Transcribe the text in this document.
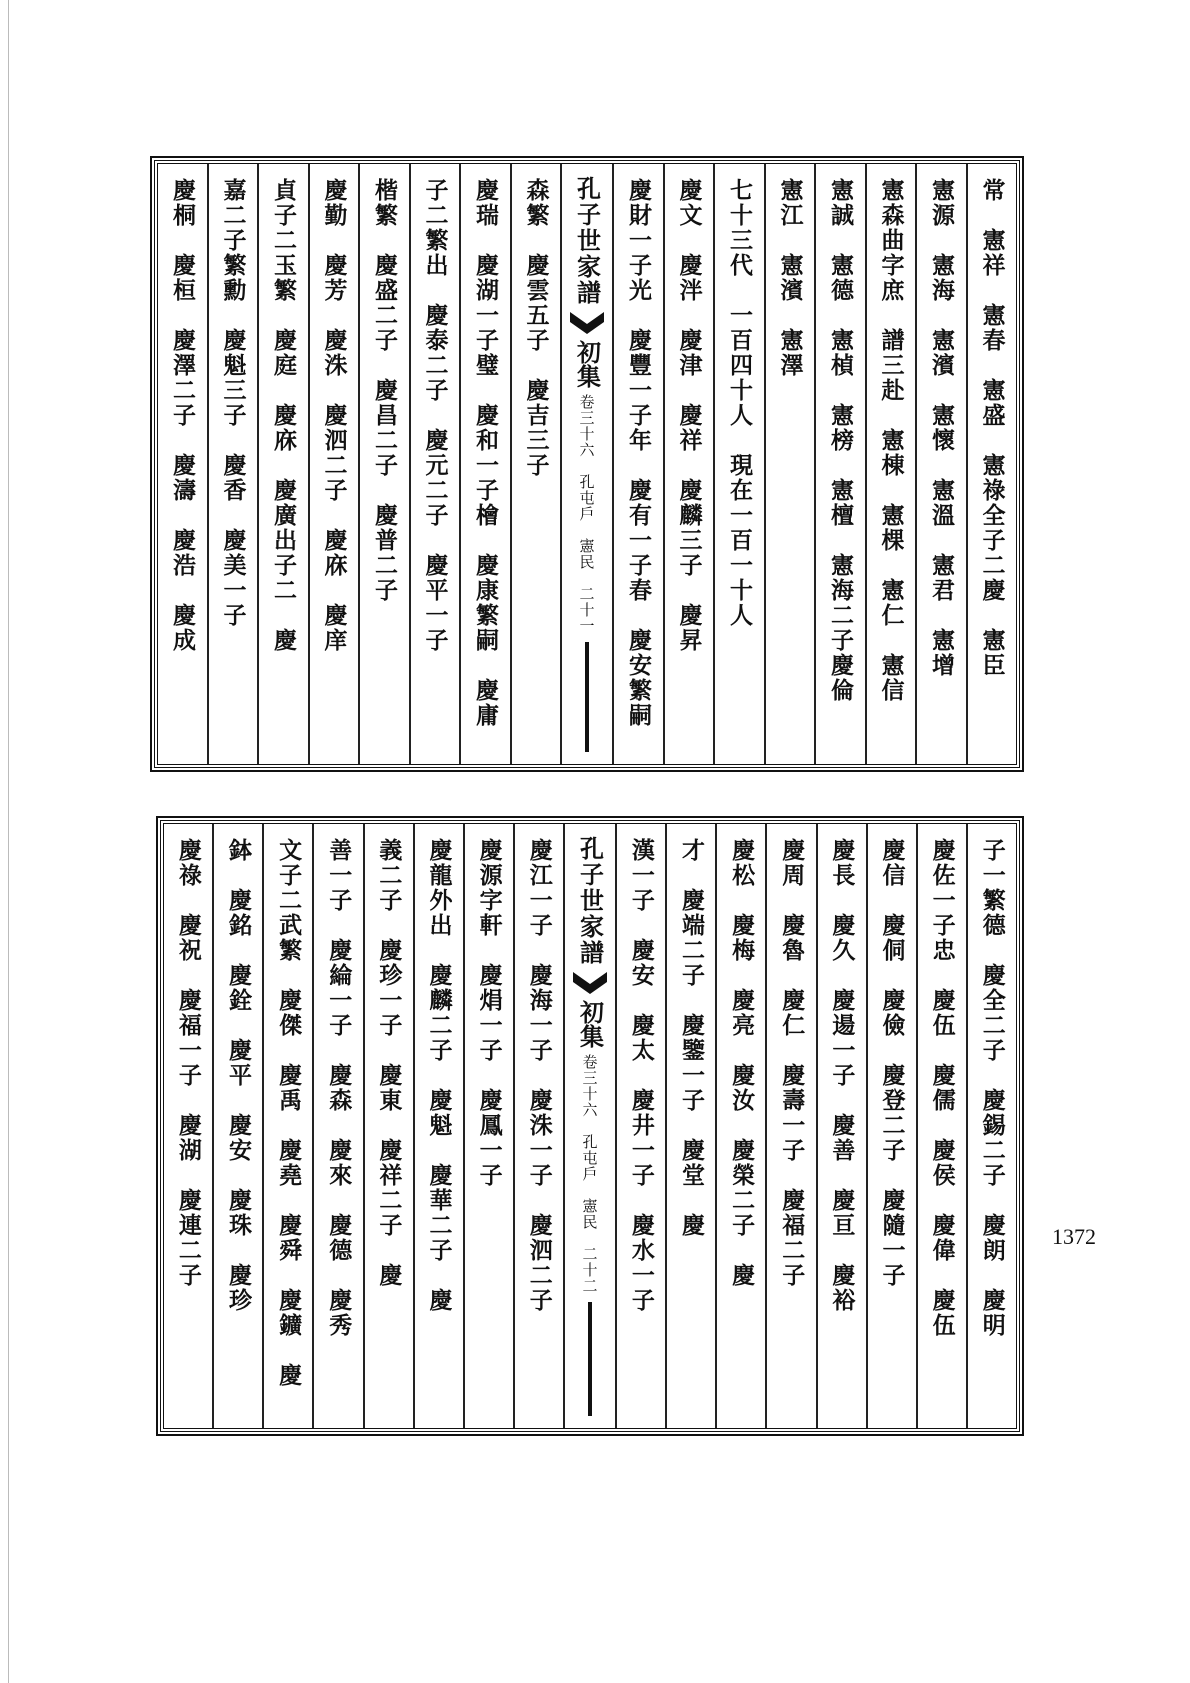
常　憲祥　憲春　憲盛　憲祿全子二慶　憲臣
憲源　憲海　憲濱　憲懷　憲溫　憲君　憲增
憲森曲字庶　譜三赴　憲棟　憲棵　憲仁　憲信
憲誠　憲德　憲楨　憲榜　憲檀　憲海二子慶倫
憲江　憲濱　憲澤
七十三代　一百四十人　現在一百一十人
慶文　慶泮　慶津　慶祥　慶麟三子　慶昇
慶財一子光　慶豐一子年　慶有一子春　慶安繁嗣
孔子世家譜
初集
卷三十六　孔屯戶　憲民　二十一
森繁　慶雲五子　慶吉三子
慶瑞　慶湖一子璧　慶和一子檜　慶康繁嗣　慶庸
子二繁出　慶泰二子　慶元二子　慶平一子
楷繁　慶盛二子　慶昌二子　慶普二子
慶勤　慶芳　慶洙　慶泗二子　慶庥　慶庠
貞子二玉繁　慶庭　慶庥　慶廣出子二　慶
嘉二子繁勳　慶魁三子　慶香　慶美一子
慶桐　慶桓　慶澤二子　慶濤　慶浩　慶成
子一繁德　慶全二子　慶錫二子　慶朗　慶明
慶佐一子忠　慶伍　慶儒　慶侯　慶偉　慶伍
慶信　慶侗　慶儉　慶登二子　慶隨一子
慶長　慶久　慶逿一子　慶善　慶亘　慶裕
慶周　慶魯　慶仁　慶壽一子　慶福二子
慶松　慶梅　慶亮　慶汝　慶榮二子　慶
才　慶端二子　慶鑒一子　慶堂　慶
漢一子　慶安　慶太　慶井一子　慶水一子
孔子世家譜
初集
卷三十六　孔屯戶　憲民　二十二
慶江一子　慶海一子　慶洙一子　慶泗二子
慶源字軒　慶焆一子　慶鳳一子
慶龍外出　慶麟二子　慶魁　慶華二子　慶
義二子　慶珍一子　慶東　慶祥二子　慶
善一子　慶綸一子　慶森　慶來　慶德　慶秀
文子二武繁　慶傑　慶禹　慶堯　慶舜　慶鑛　慶
鉢　慶銘　慶銓　慶平　慶安　慶珠　慶珍
慶祿　慶祝　慶福一子　慶湖　慶連二子	1372
